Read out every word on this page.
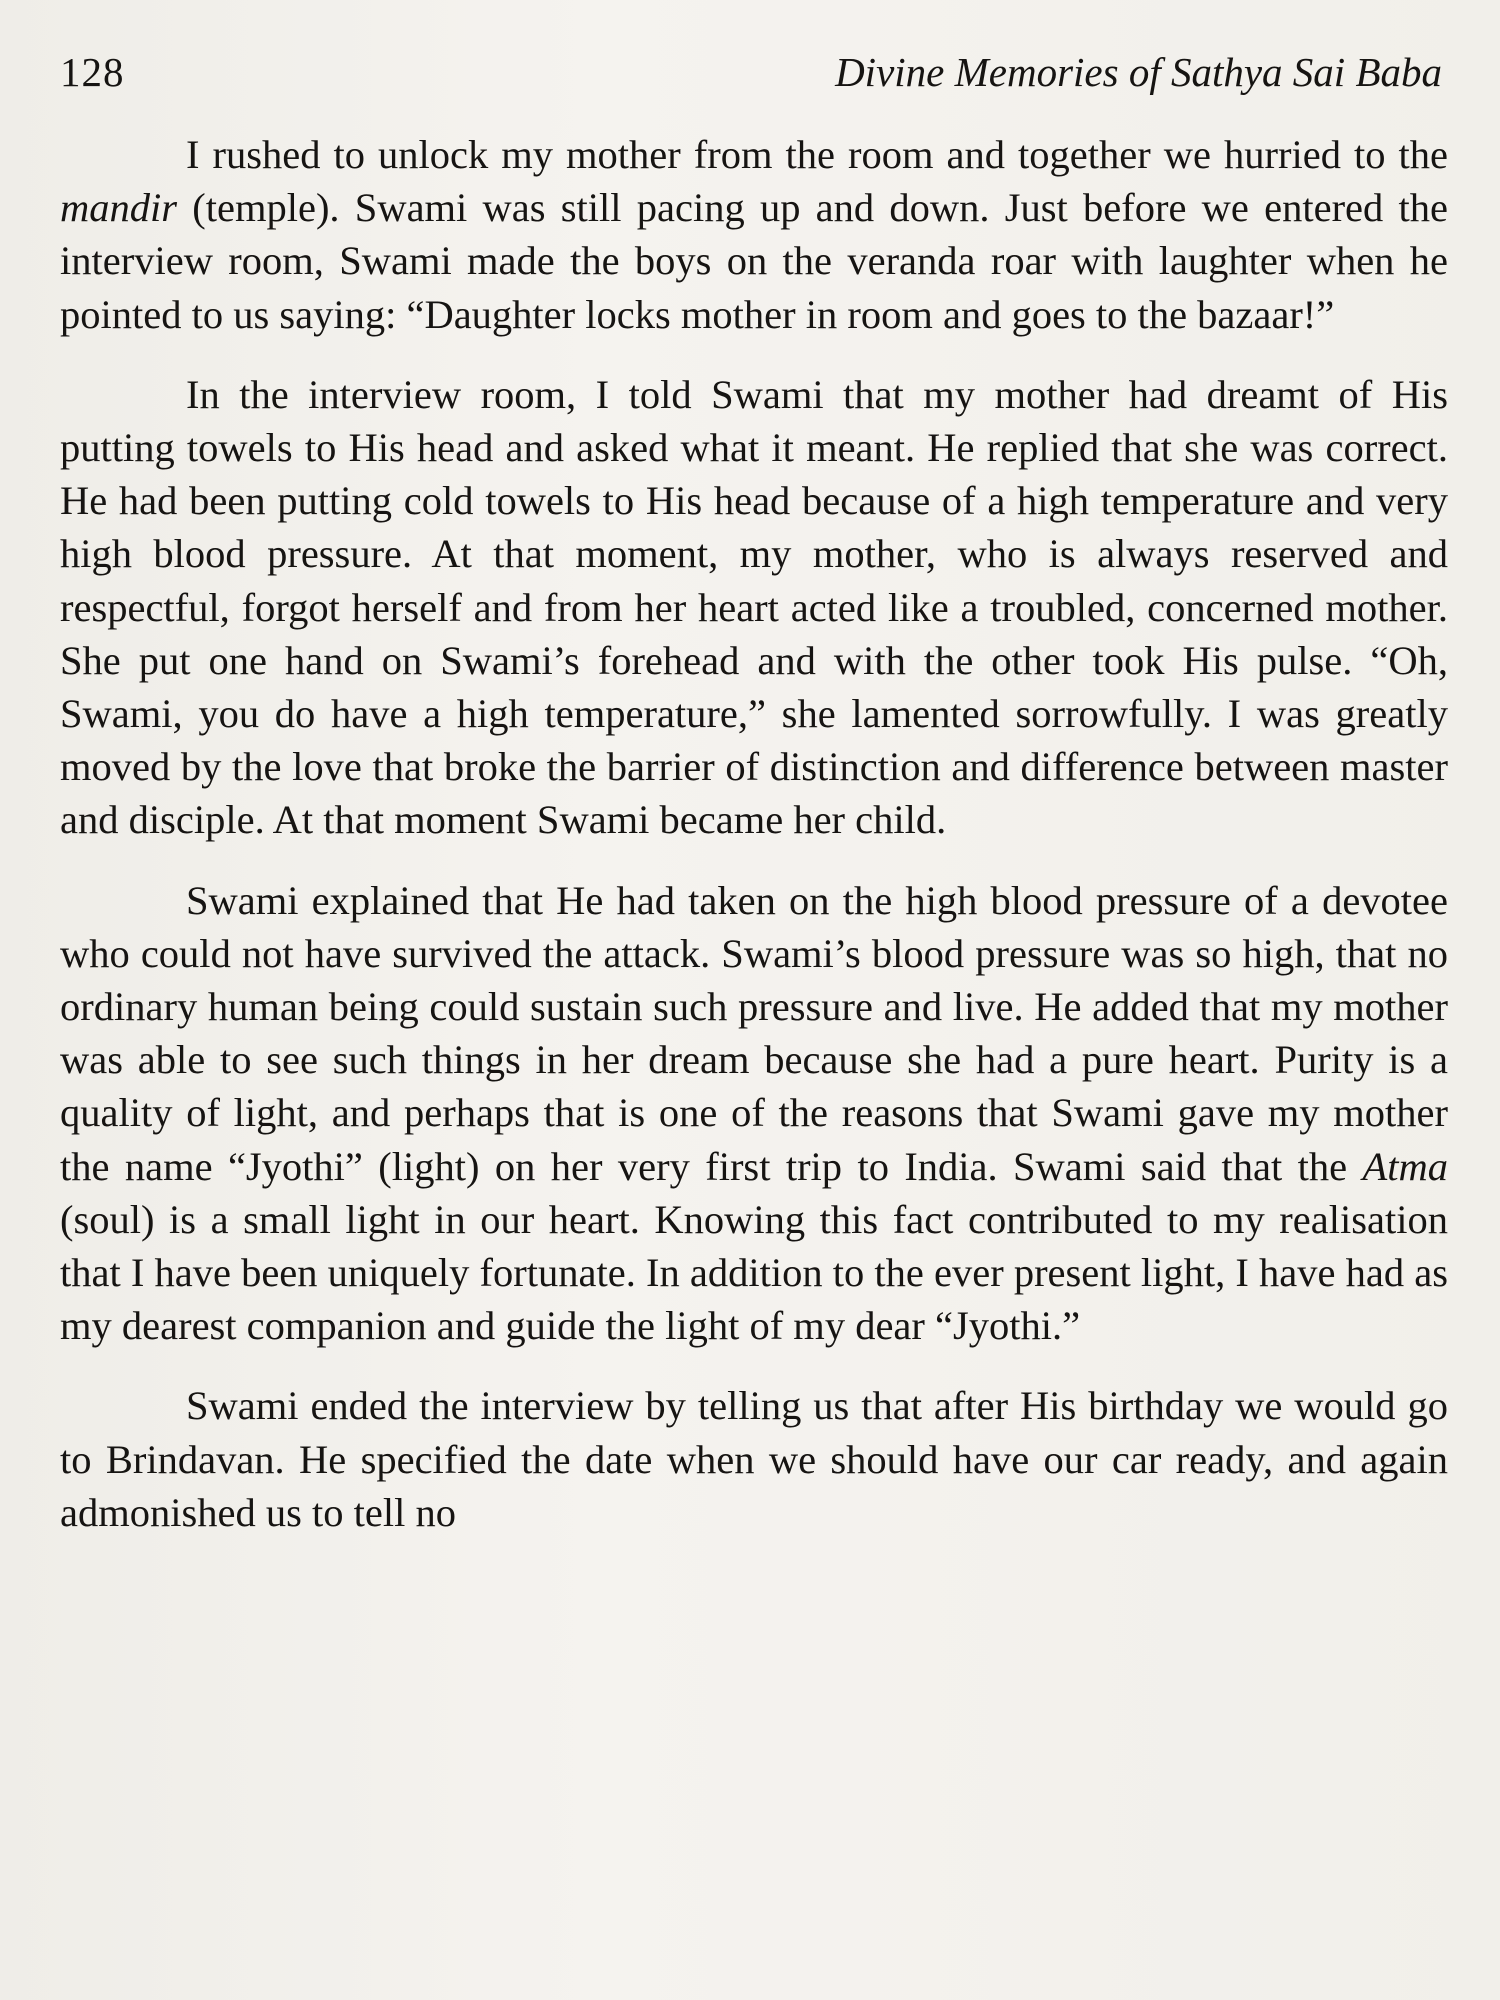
128	Divine Memories of Sathya Sai Baba

I rushed to unlock my mother from the room and together we hurried to the mandir (temple). Swami was still pacing up and down. Just before we entered the interview room, Swami made the boys on the veranda roar with laughter when he pointed to us saying: “Daughter locks mother in room and goes to the bazaar!”

In the interview room, I told Swami that my mother had dreamt of His putting towels to His head and asked what it meant. He replied that she was correct. He had been putting cold towels to His head because of a high temperature and very high blood pressure. At that moment, my mother, who is always reserved and respectful, forgot herself and from her heart acted like a troubled, concerned mother. She put one hand on Swami’s forehead and with the other took His pulse. “Oh, Swami, you do have a high temperature,” she lamented sorrowfully. I was greatly moved by the love that broke the barrier of distinction and difference between master and disciple. At that moment Swami became her child.

Swami explained that He had taken on the high blood pressure of a devotee who could not have survived the attack. Swami’s blood pressure was so high, that no ordinary human being could sustain such pressure and live. He added that my mother was able to see such things in her dream because she had a pure heart. Purity is a quality of light, and perhaps that is one of the reasons that Swami gave my mother the name “Jyothi” (light) on her very first trip to India. Swami said that the Atma (soul) is a small light in our heart. Knowing this fact contributed to my realisation that I have been uniquely fortunate. In addition to the ever present light, I have had as my dearest companion and guide the light of my dear “Jyothi.”

Swami ended the interview by telling us that after His birthday we would go to Brindavan. He specified the date when we should have our car ready, and again admonished us to tell no
